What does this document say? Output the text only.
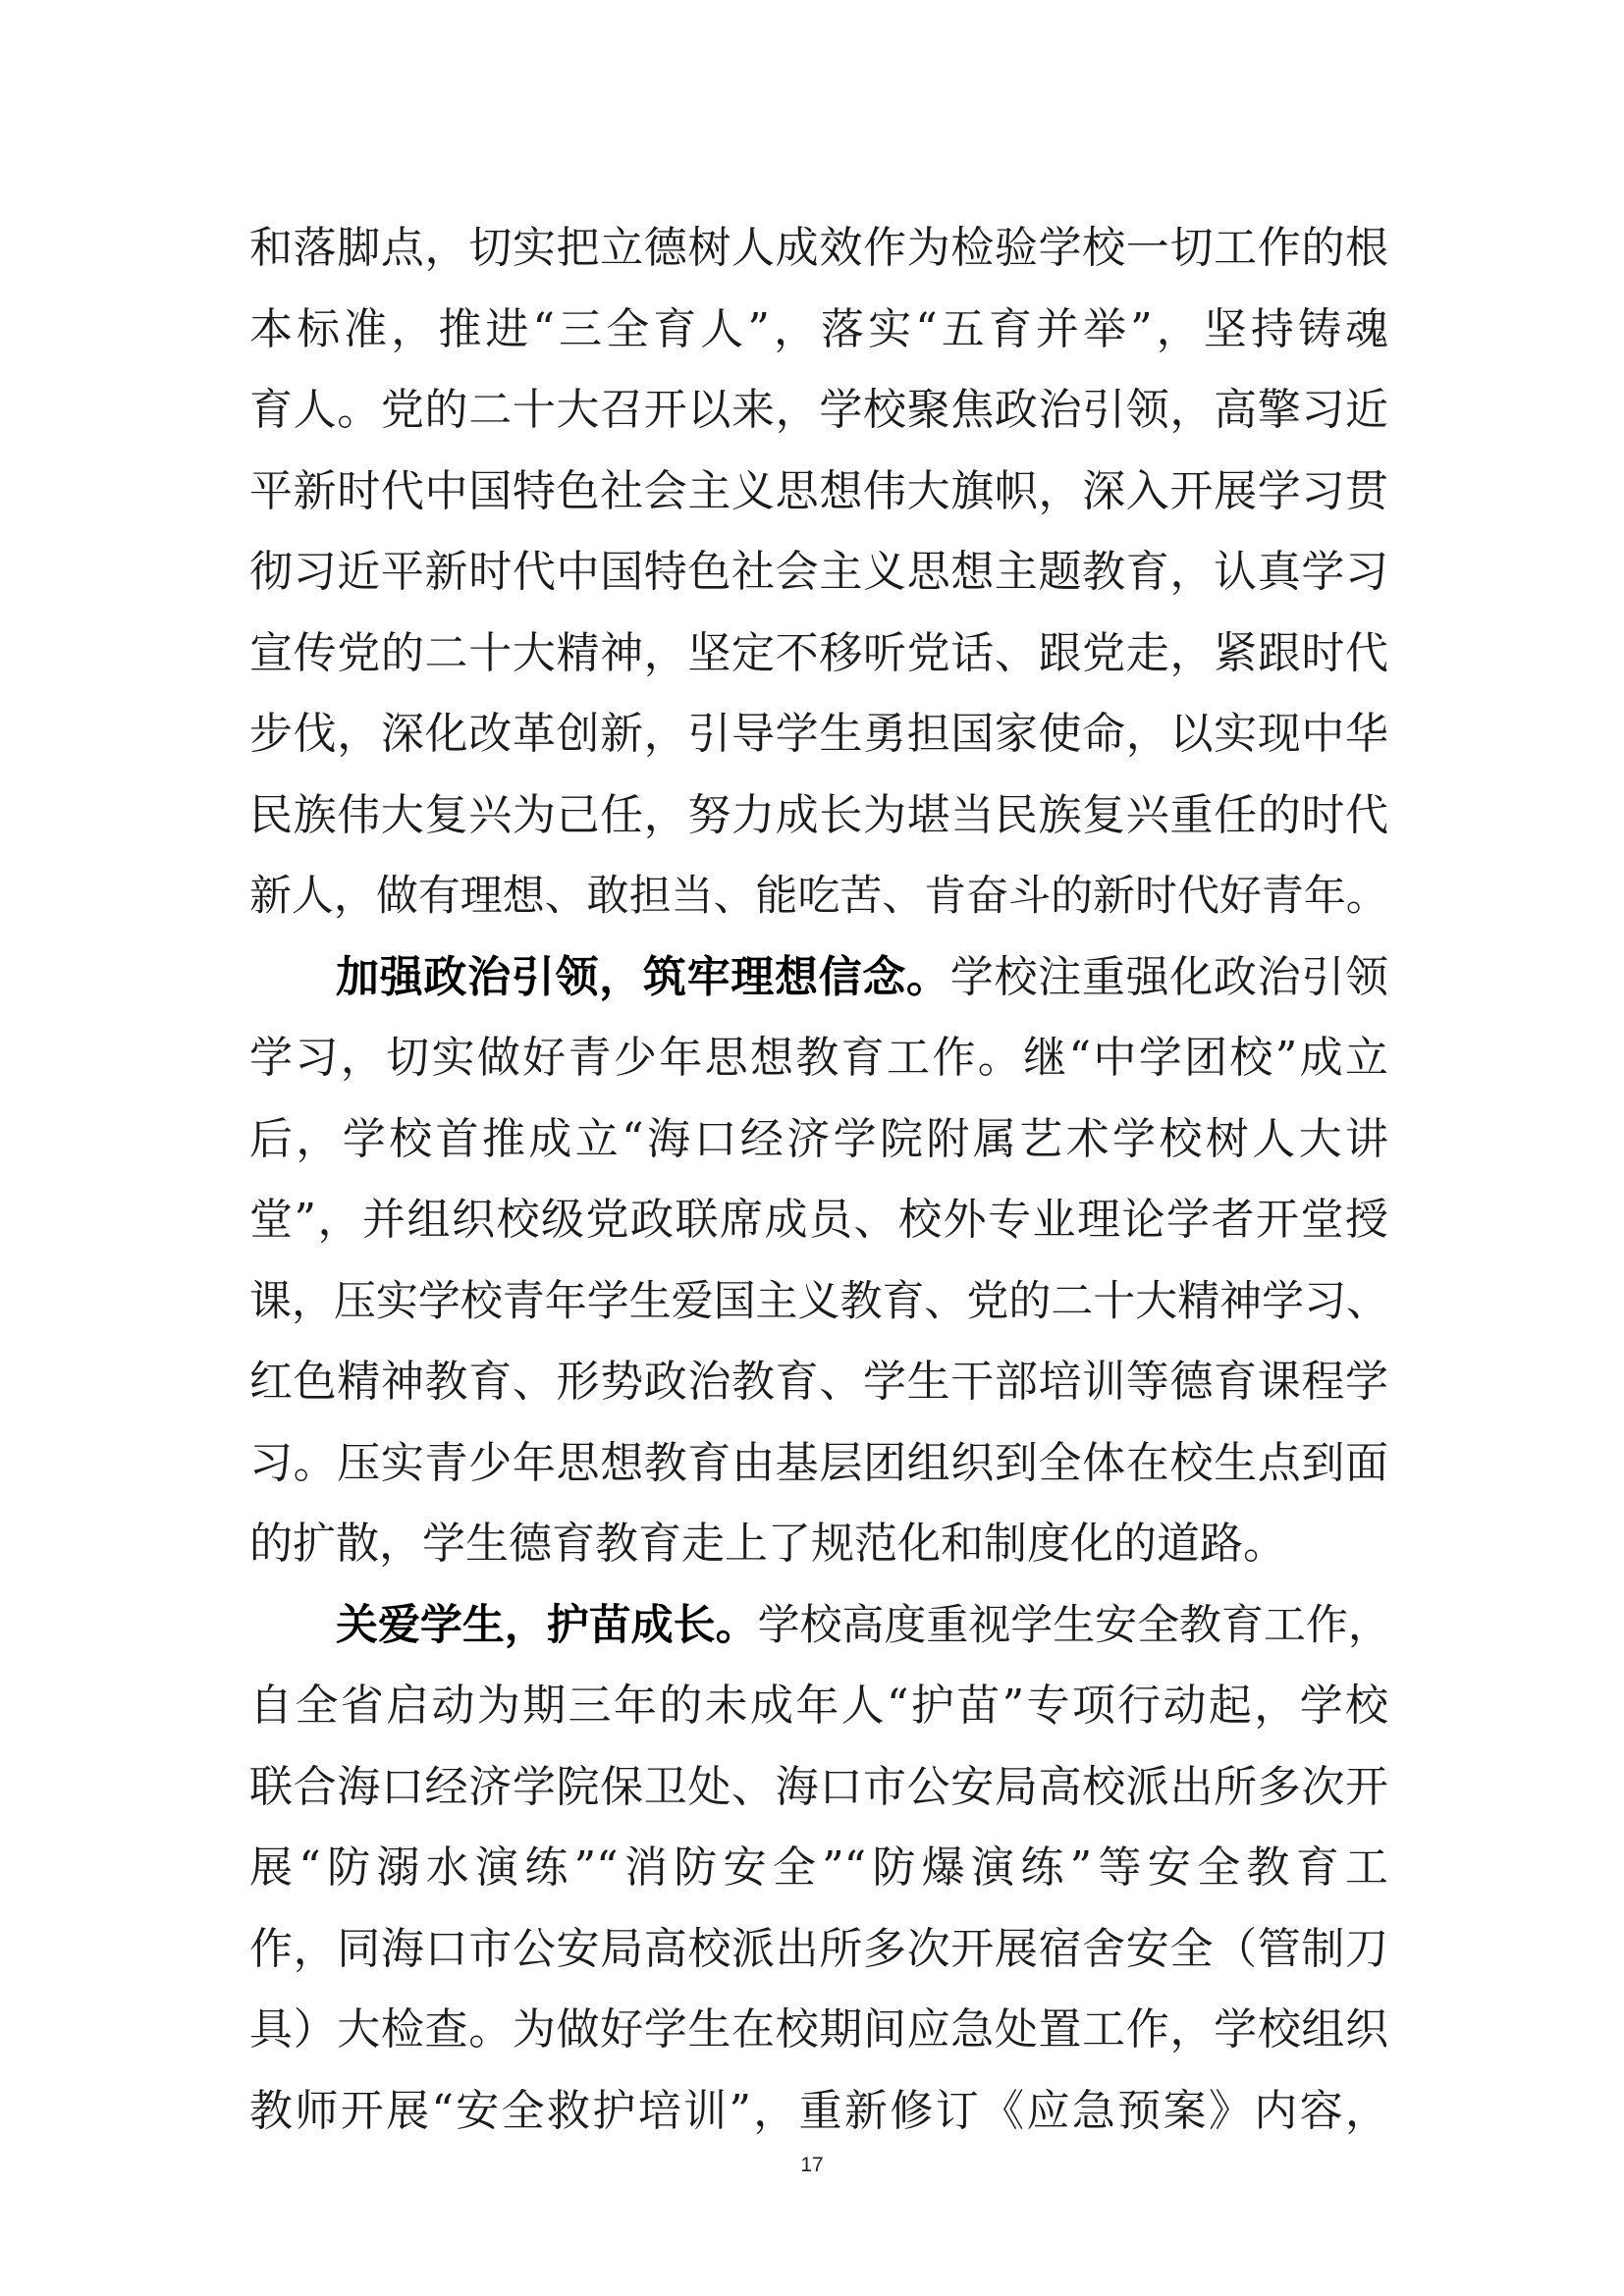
和落脚点，切实把立德树人成效作为检验学校一切工作的根
本标准，推进“三全育人”，落实“五育并举”，坚持铸魂
育人。党的二十大召开以来，学校聚焦政治引领，高擎习近
平新时代中国特色社会主义思想伟大旗帜，深入开展学习贯
彻习近平新时代中国特色社会主义思想主题教育，认真学习
宣传党的二十大精神，坚定不移听党话、跟党走，紧跟时代
步伐，深化改革创新，引导学生勇担国家使命，以实现中华
民族伟大复兴为己任，努力成长为堪当民族复兴重任的时代
新人，做有理想、敢担当、能吃苦、肯奋斗的新时代好青年。
加强政治引领，筑牢理想信念。学校注重强化政治引领
学习，切实做好青少年思想教育工作。继“中学团校”成立
后，学校首推成立“海口经济学院附属艺术学校树人大讲
堂”，并组织校级党政联席成员、校外专业理论学者开堂授
课，压实学校青年学生爱国主义教育、党的二十大精神学习、
红色精神教育、形势政治教育、学生干部培训等德育课程学
习。压实青少年思想教育由基层团组织到全体在校生点到面
的扩散，学生德育教育走上了规范化和制度化的道路。
关爱学生，护苗成长。学校高度重视学生安全教育工作，
自全省启动为期三年的未成年人“护苗”专项行动起，学校
联合海口经济学院保卫处、海口市公安局高校派出所多次开
展“防溺水演练”“消防安全”“防爆演练”等安全教育工
作，同海口市公安局高校派出所多次开展宿舍安全（管制刀
具）大检查。为做好学生在校期间应急处置工作，学校组织
教师开展“安全救护培训”，重新修订《应急预案》内容，
17
